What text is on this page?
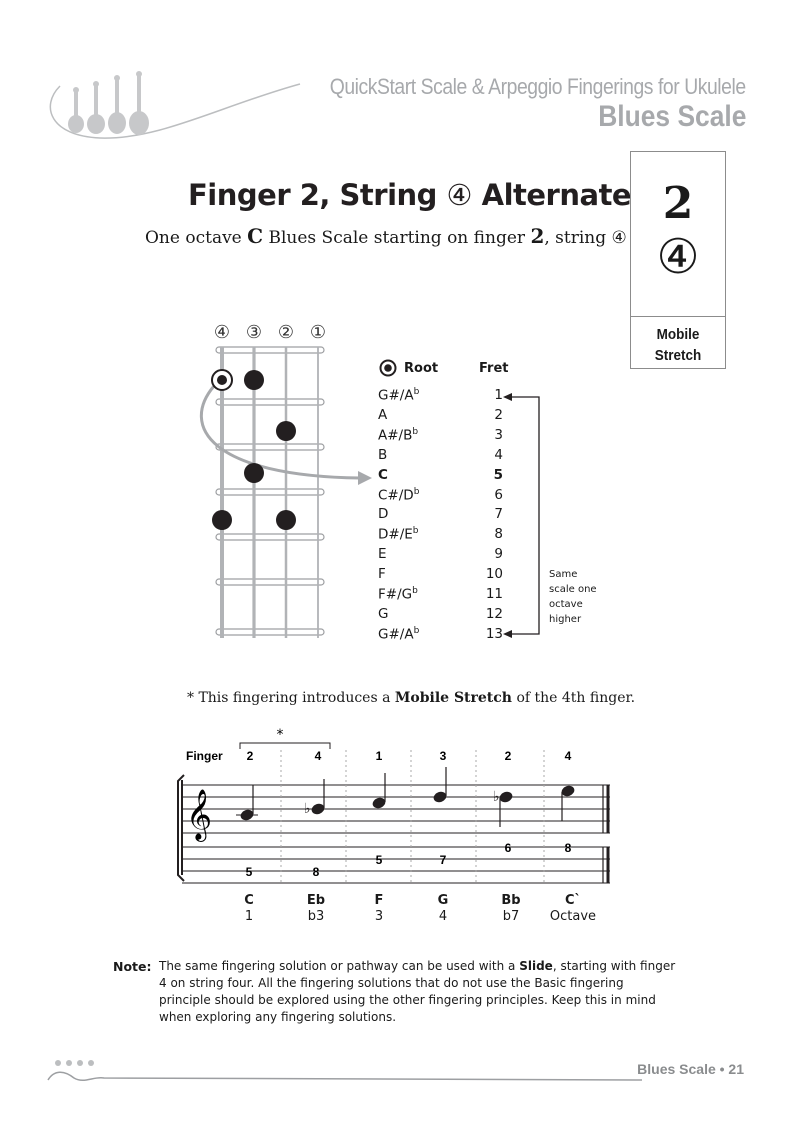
QuickStart Scale & Arpeggio Fingerings for Ukulele
Blues Scale
Finger 2, String ④ Alternate
One octave C Blues Scale starting on finger 2, string ④
2
④
Mobile
Stretch
④ ③ ② ①
Root	Fret
$G\#/A^b$	1
A	2
$A\#/B^b$	3
B	4
C	5
$C\#/D^b$	6
D	7
$D\#/E^b$	8
E	9
F	10
$F\#/G^b$	11
G	12
$G\#/A^b$	13
Same scale one octave higher
* This fingering introduces a Mobile Stretch of the 4th finger.
*
Finger
𝄞
2	4	1	3	2	4
♭
♭
5	8
5	7
6	8
C	Eb	F	G	Bb	C`
1	b3	3	4	b7	Octave
Note: The same fingering solution or pathway can be used with a Slide, starting with finger 4 on string four. All the fingering solutions that do not use the Basic fingering principle should be explored using the other fingering principles. Keep this in mind when exploring any fingering solutions.
Blues Scale • 21
